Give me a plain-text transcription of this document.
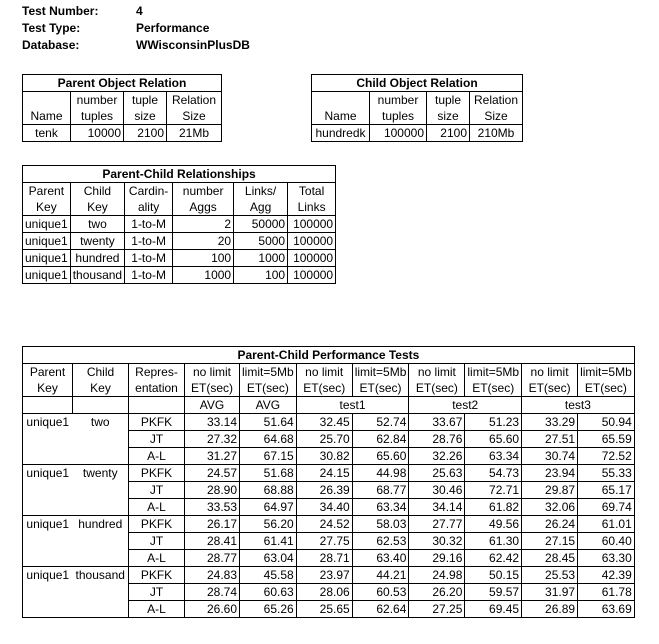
Test Number:	4
Test Type:	Performance
Database:	WWisconsinPlusDB
Parent Object Relation			
	number	tuple	Relation
Name	tuples	size	Size
tenk	10000	2100	21Mb
Child Object Relation			
	number	tuple	Relation
Name	tuples	size	Size
hundredk	100000	2100	210Mb
Parent-Child Relationships					
Parent	Child	Cardin-	number	Links/	Total
Key	Key	ality	Aggs	Agg	Links
unique1	two	1-to-M	2	50000	100000
unique1	twenty	1-to-M	20	5000	100000
unique1	hundred	1-to-M	100	1000	100000
unique1	thousand	1-to-M	1000	100	100000
Parent-Child Performance Tests										
Parent	Child	Repres-	no limit	limit=5Mb	no limit	limit=5Mb	no limit	limit=5Mb	no limit	limit=5Mb
Key	Key	entation	ET(sec)	ET(sec)	ET(sec)	ET(sec)	ET(sec)	ET(sec)	ET(sec)	ET(sec)
			AVG	AVG	test1		test2		test3	
unique1	two	PKFK	33.14	51.64	32.45	52.74	33.67	51.23	33.29	50.94
		JT	27.32	64.68	25.70	62.84	28.76	65.60	27.51	65.59
		A-L	31.27	67.15	30.82	65.60	32.26	63.34	30.74	72.52
unique1	twenty	PKFK	24.57	51.68	24.15	44.98	25.63	54.73	23.94	55.33
		JT	28.90	68.88	26.39	68.77	30.46	72.71	29.87	65.17
		A-L	33.53	64.97	34.40	63.34	34.14	61.82	32.06	69.74
unique1	hundred	PKFK	26.17	56.20	24.52	58.03	27.77	49.56	26.24	61.01
		JT	28.41	61.41	27.75	62.53	30.32	61.30	27.15	60.40
		A-L	28.77	63.04	28.71	63.40	29.16	62.42	28.45	63.30
unique1	thousand	PKFK	24.83	45.58	23.97	44.21	24.98	50.15	25.53	42.39
		JT	28.74	60.63	28.06	60.53	26.20	59.57	31.97	61.78
		A-L	26.60	65.26	25.65	62.64	27.25	69.45	26.89	63.69
